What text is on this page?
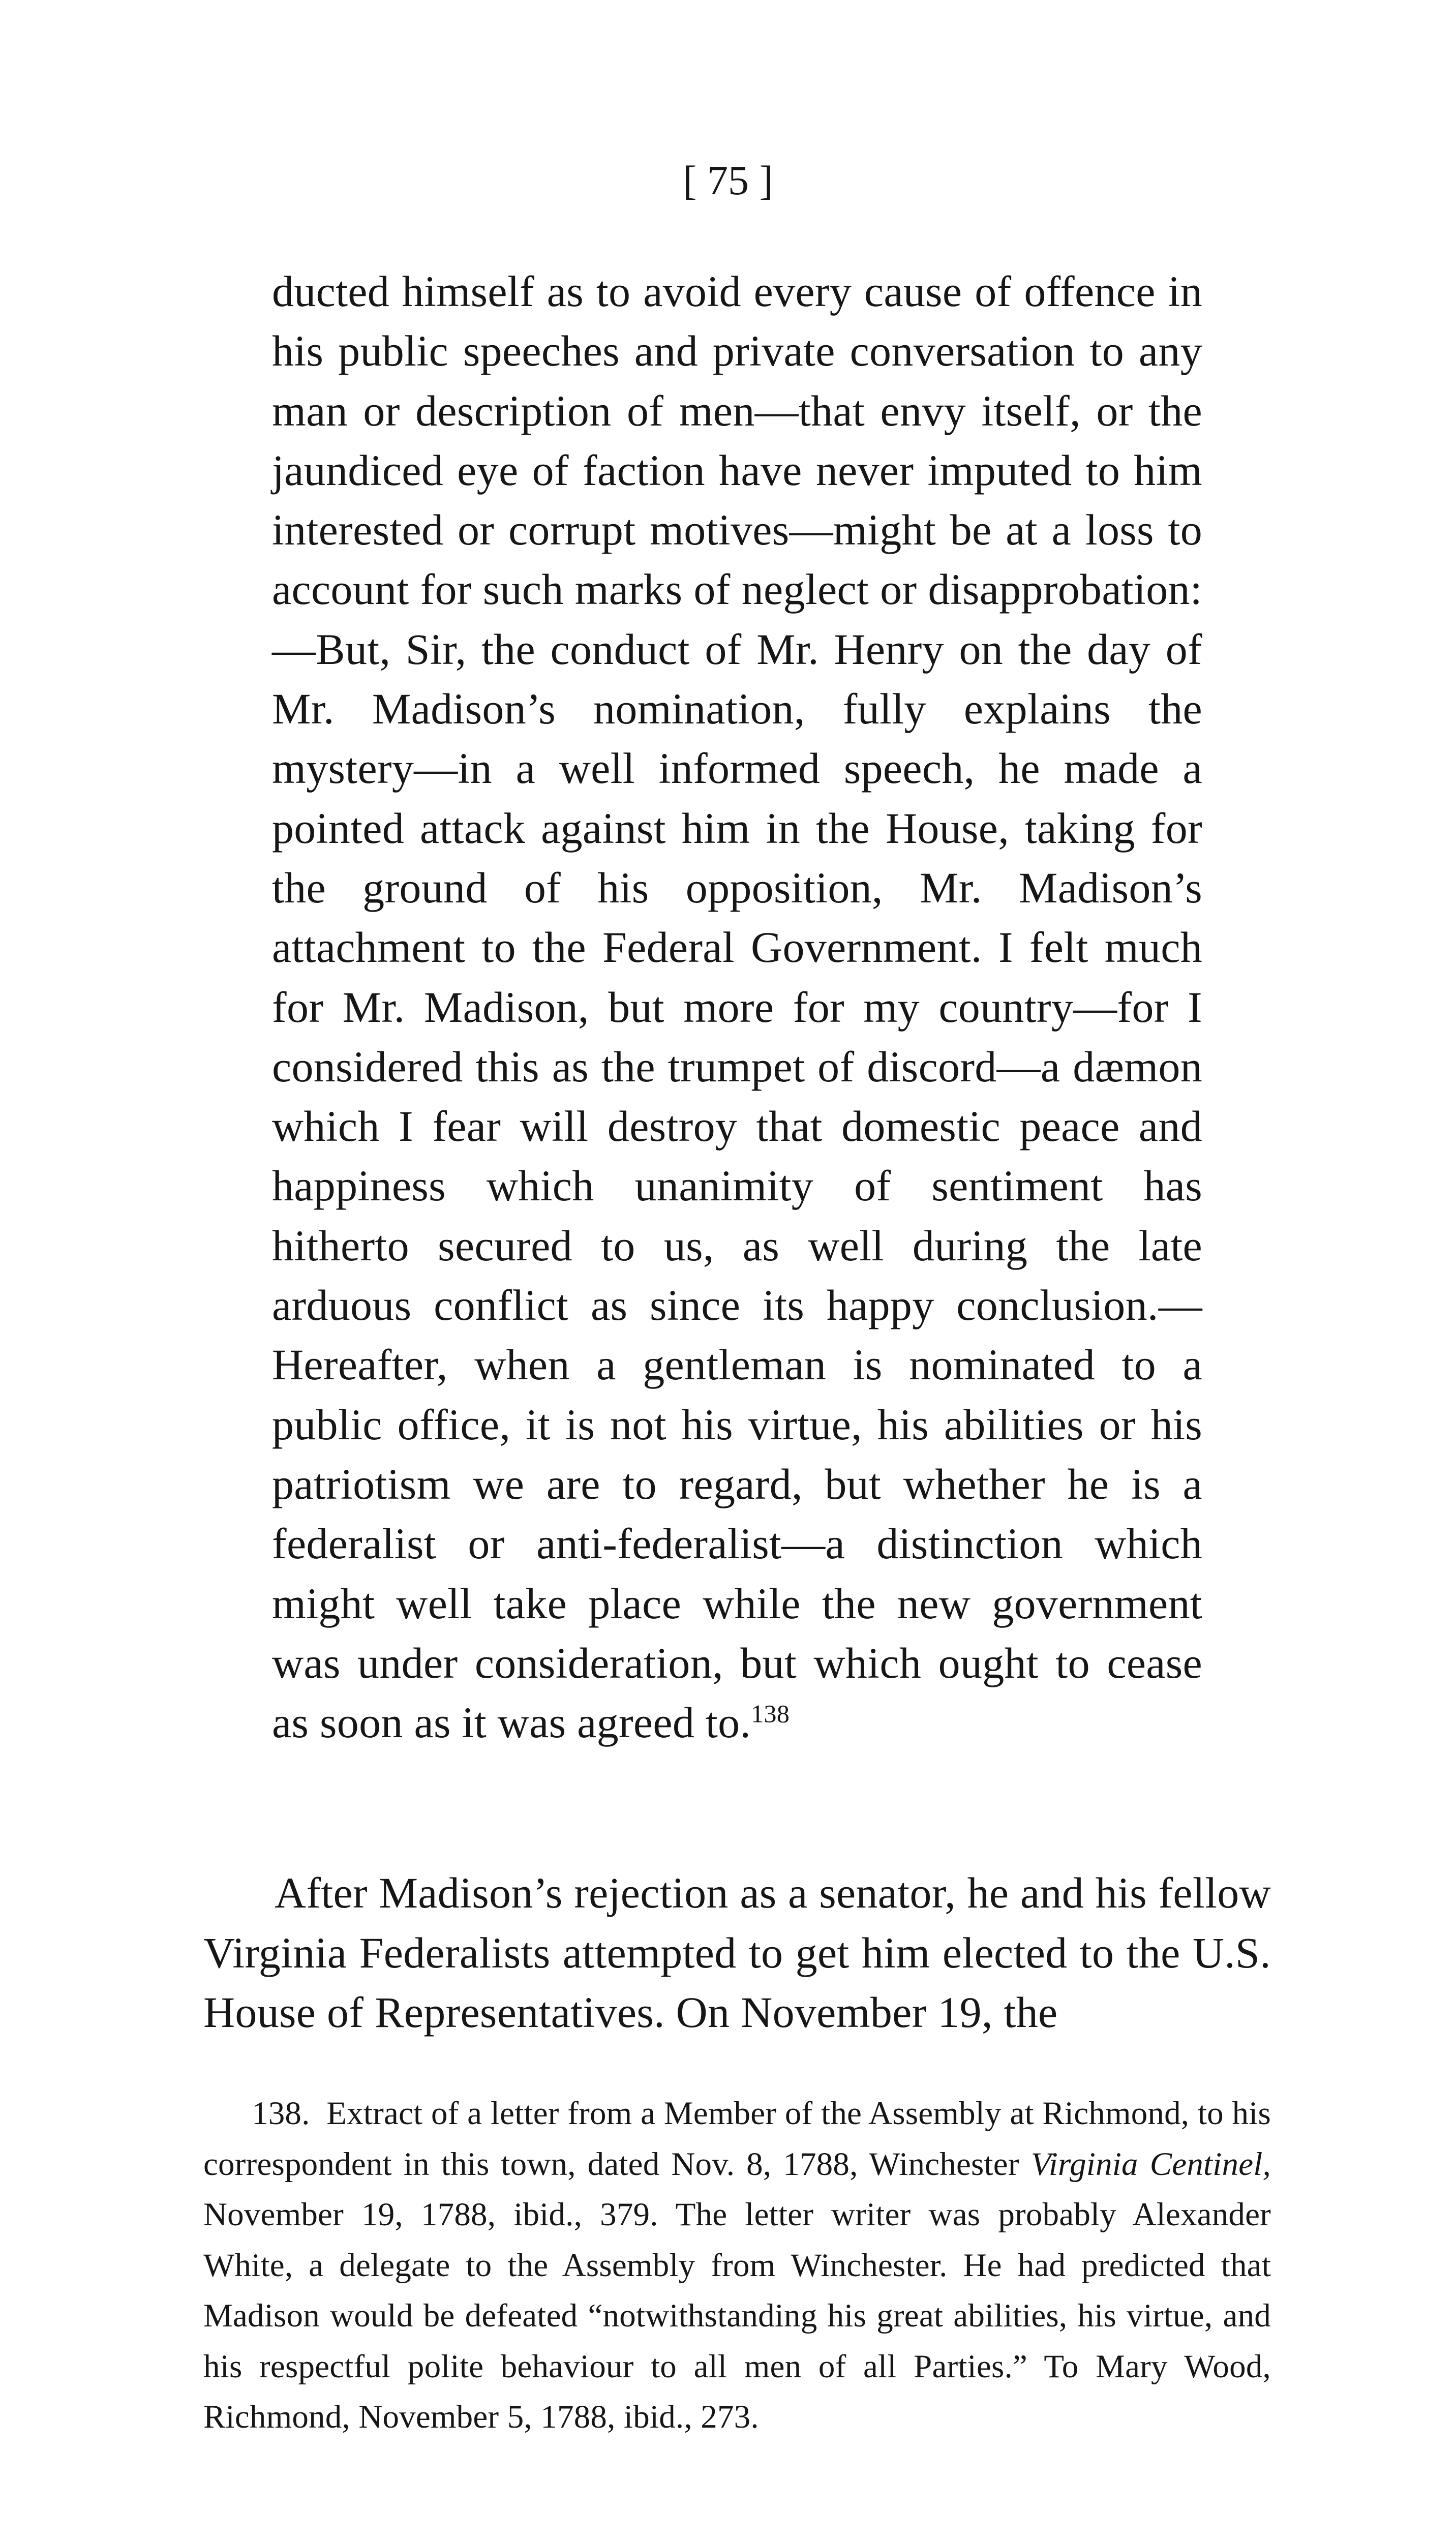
[ 75 ]

ducted himself as to avoid every cause of offence in his public speeches and private conversation to any man or description of men—that envy itself, or the jaundiced eye of faction have never imputed to him interested or corrupt motives—might be at a loss to account for such marks of neglect or disapprobation:—But, Sir, the conduct of Mr. Henry on the day of Mr. Madison’s nomination, fully explains the mystery—in a well informed speech, he made a pointed attack against him in the House, taking for the ground of his opposition, Mr. Madison’s attachment to the Federal Government. I felt much for Mr. Madison, but more for my country—for I considered this as the trumpet of discord—a dæmon which I fear will destroy that domestic peace and happiness which unanimity of sentiment has hitherto secured to us, as well during the late arduous conflict as since its happy conclusion.—Hereafter, when a gentleman is nominated to a public office, it is not his virtue, his abilities or his patriotism we are to regard, but whether he is a federalist or anti-federalist—a distinction which might well take place while the new government was under consideration, but which ought to cease as soon as it was agreed to.$^{138}$

After Madison’s rejection as a senator, he and his fellow Virginia Federalists attempted to get him elected to the U.S. House of Representatives. On November 19, the

138. Extract of a letter from a Member of the Assembly at Richmond, to his correspondent in this town, dated Nov. 8, 1788, Winchester Virginia Centinel, November 19, 1788, ibid., 379. The letter writer was probably Alexander White, a delegate to the Assembly from Winchester. He had predicted that Madison would be defeated “notwithstanding his great abilities, his virtue, and his respectful polite behaviour to all men of all Parties.” To Mary Wood, Richmond, November 5, 1788, ibid., 273.
